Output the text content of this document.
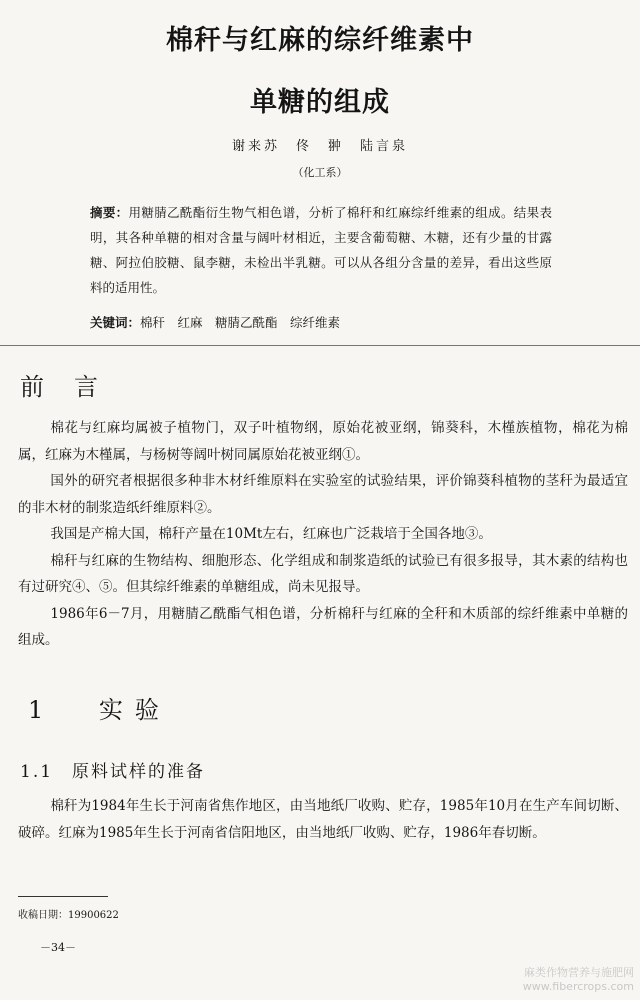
棉秆与红麻的综纤维素中
单糖的组成
谢来苏　佟　翀　陆言泉
（化工系）
摘要：用糖腈乙酰酯衍生物气相色谱，分析了棉秆和红麻综纤维素的组成。结果表明，其各种单糖的相对含量与阔叶材相近，主要含葡萄糖、木糖，还有少量的甘露糖、阿拉伯胶糖、鼠李糖，未检出半乳糖。可以从各组分含量的差异，看出这些原料的适用性。
关键词：棉秆　红麻　糖腈乙酰酯　综纤维素
前言

棉花与红麻均属被子植物门，双子叶植物纲，原始花被亚纲，锦葵科，木槿族植物，棉花为棉属，红麻为木槿属，与杨树等阔叶树同属原始花被亚纲①。

国外的研究者根据很多种非木材纤维原料在实验室的试验结果，评价锦葵科植物的茎秆为最适宜的非木材的制浆造纸纤维原料②。

我国是产棉大国，棉秆产量在10Mt左右，红麻也广泛栽培于全国各地③。

棉秆与红麻的生物结构、细胞形态、化学组成和制浆造纸的试验已有很多报导，其木素的结构也有过研究④、⑤。但其综纤维素的单糖组成，尚未见报导。

1986年6－7月，用糖腈乙酰酯气相色谱，分析棉秆与红麻的全秆和木质部的综纤维素中单糖的组成。

1 实验
1.1　原料试样的准备

棉秆为1984年生长于河南省焦作地区，由当地纸厂收购、贮存，1985年10月在生产车间切断、破碎。红麻为1985年生长于河南省信阳地区，由当地纸厂收购、贮存，1986年春切断。

收稿日期：19900622
－34－
麻类作物营养与施肥网
www.fibercrops.com
